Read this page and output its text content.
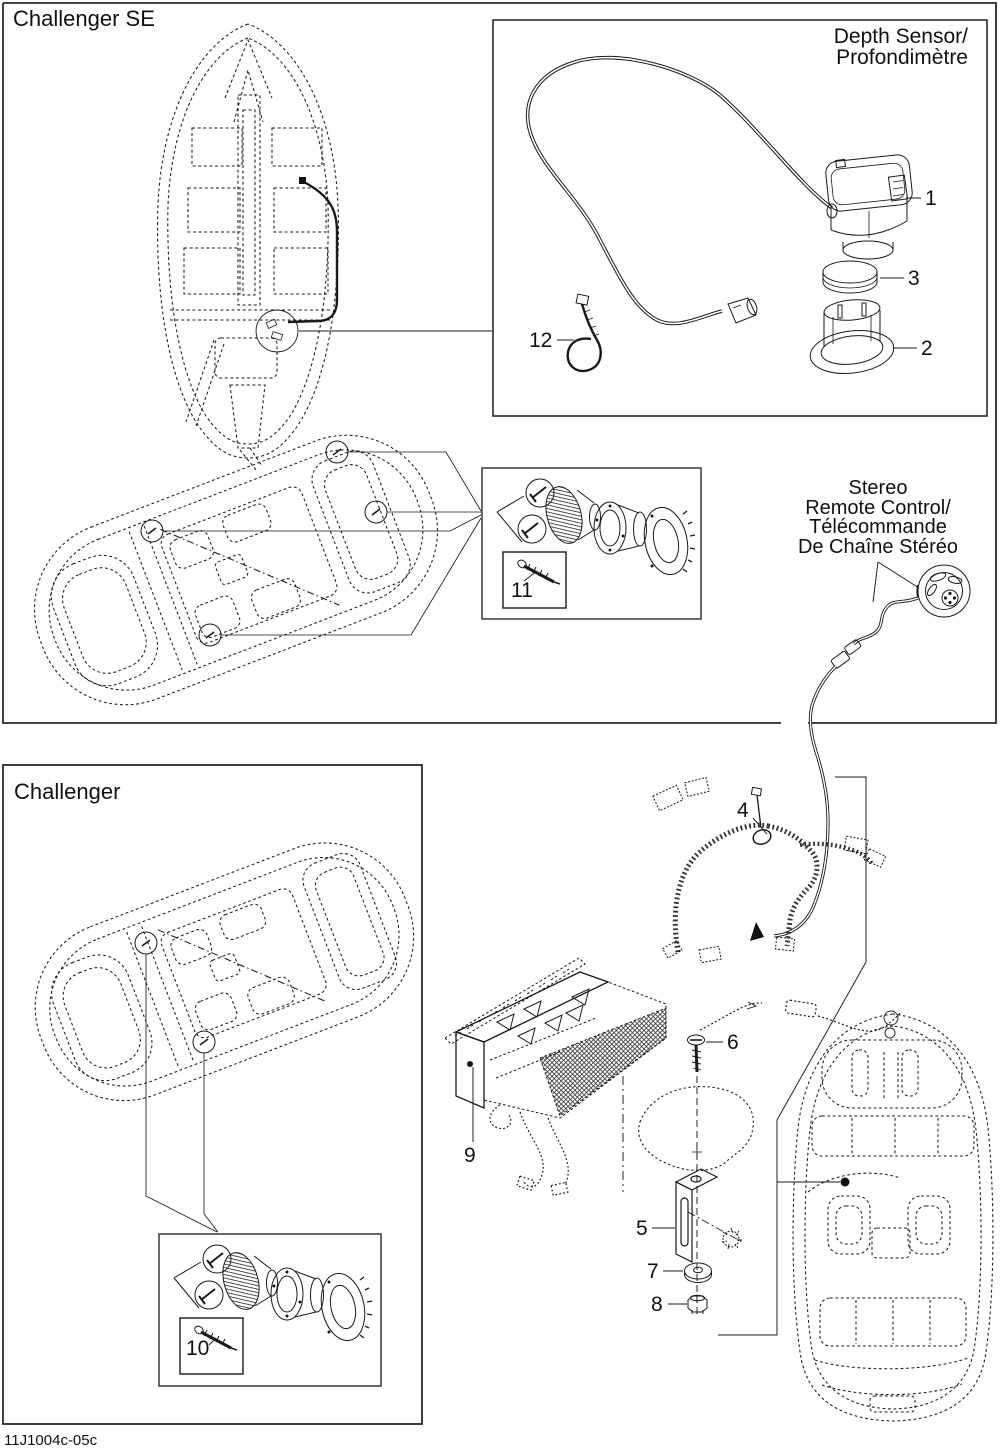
Challenger SE
Depth Sensor/
Profondimètre
Stereo
Remote Control/
Télécommande
De Chaîne Stéréo
Challenger
1
3
2
12
11
4
6
9
5
7
8
10
11J1004c-05c
